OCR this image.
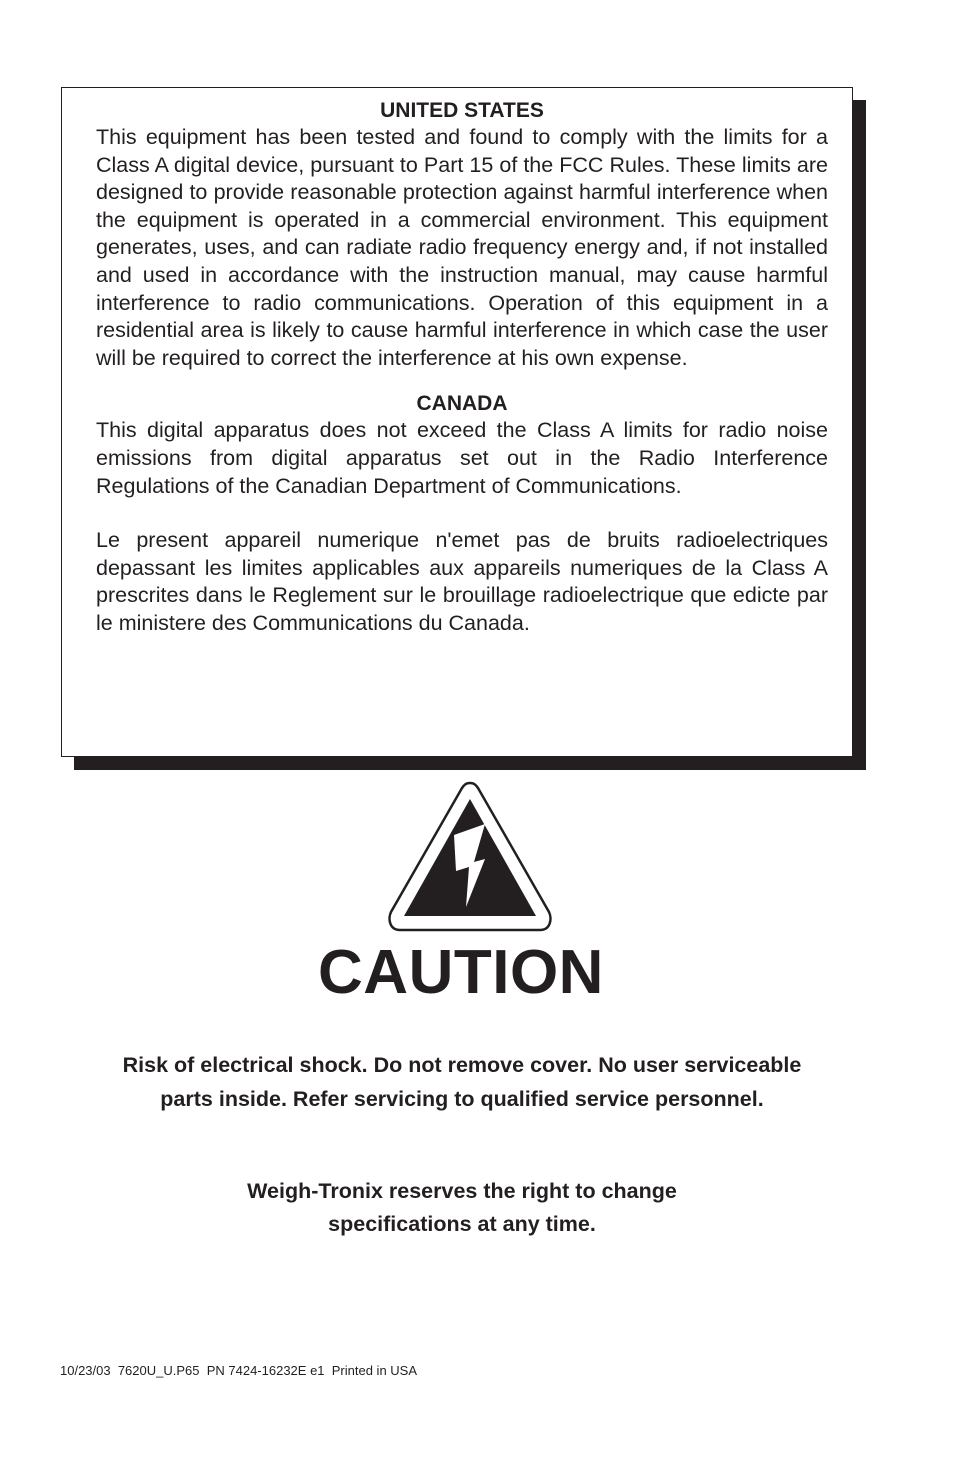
UNITED STATES

This equipment has been tested and found to comply with the limits for a Class A digital device, pursuant to Part 15 of the FCC Rules. These limits are designed to provide reasonable protection against harmful interference when the equipment is operated in a commercial environment. This equipment generates, uses, and can radiate radio frequency energy and, if not installed and used in accordance with the instruction manual, may cause harmful interference to radio communications. Operation of this equipment in a residential area is likely to cause harmful interference in which case the user will be required to correct the interference at his own expense.

CANADA

This digital apparatus does not exceed the Class A limits for radio noise emissions from digital apparatus set out in the Radio Interference Regulations of the Canadian Department of Communications.

Le present appareil numerique n'emet pas de bruits radioelectriques depassant les limites applicables aux appareils numeriques de la Class A prescrites dans le Reglement sur le brouillage radioelectrique que edicte par le ministere des Communications du Canada.

CAUTION

Risk of electrical shock. Do not remove cover. No user serviceable
parts inside. Refer servicing to qualified service personnel.

Weigh-Tronix reserves the right to change
specifications at any time.

10/23/03  7620U_U.P65  PN 7424-16232E e1  Printed in USA
